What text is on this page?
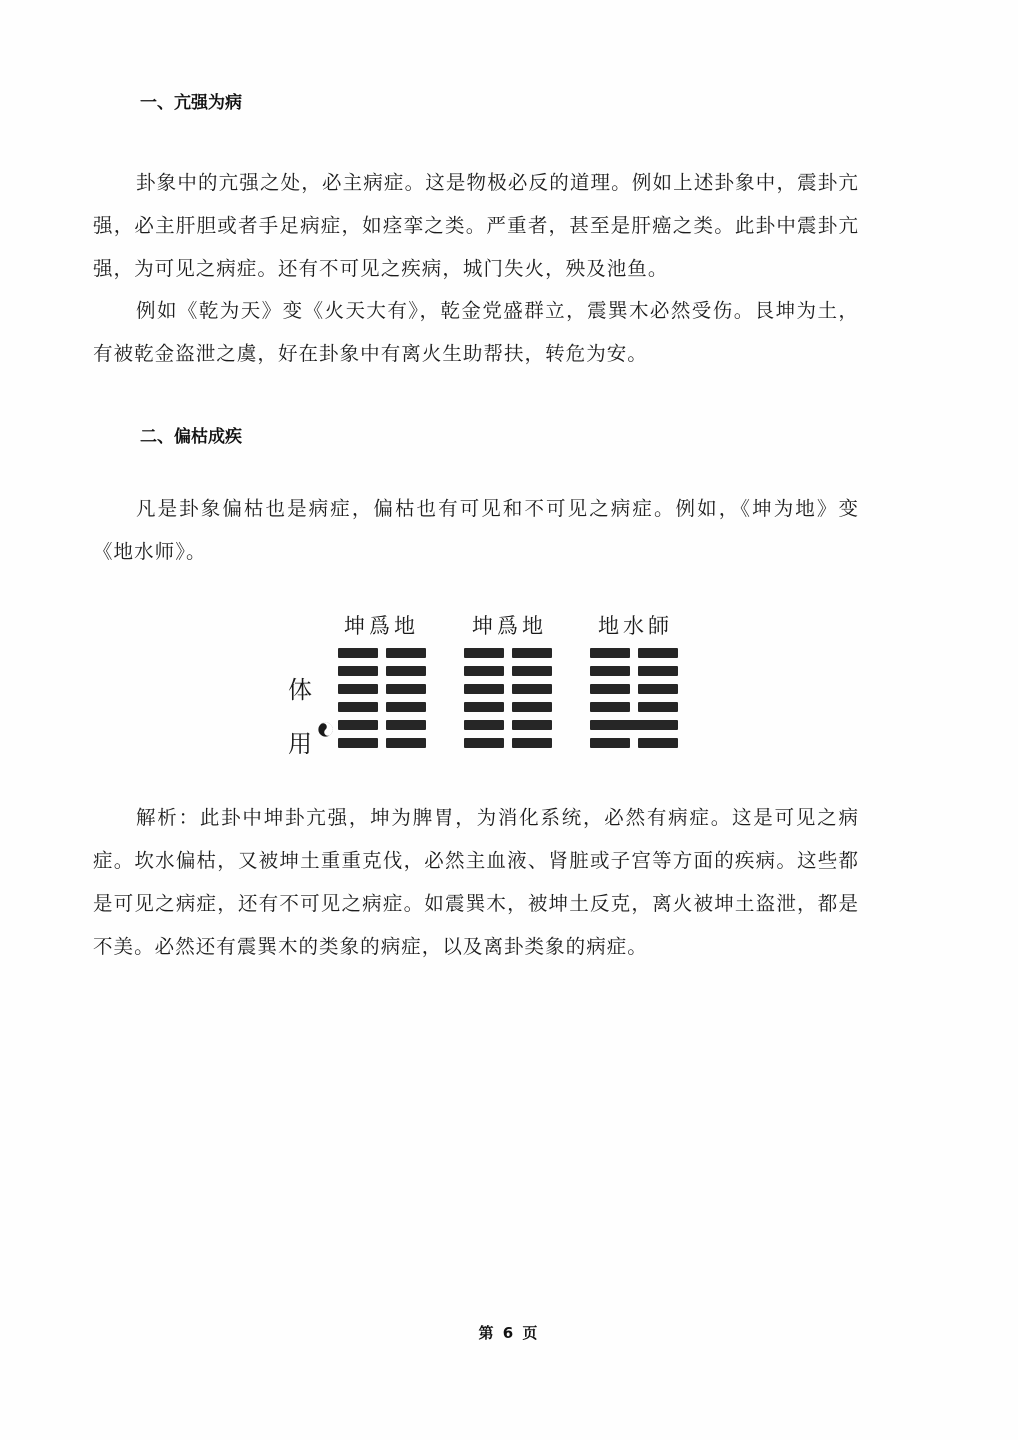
一、亢强为病

卦象中的亢强之处，必主病症。这是物极必反的道理。例如上述卦象中，震卦亢强，必主肝胆或者手足病症，如痉挛之类。严重者，甚至是肝癌之类。此卦中震卦亢强，为可见之病症。还有不可见之疾病，城门失火，殃及池鱼。

例如《乾为天》变《火天大有》，乾金党盛群立，震巽木必然受伤。艮坤为土，有被乾金盗泄之虞，好在卦象中有离火生助帮扶，转危为安。

二、偏枯成疾

凡是卦象偏枯也是病症，偏枯也有可见和不可见之病症。例如，《坤为地》变《地水师》。

体
用
坤爲地	坤爲地 地水師

解析：此卦中坤卦亢强，坤为脾胃，为消化系统，必然有病症。这是可见之病症。坎水偏枯，又被坤土重重克伐，必然主血液、肾脏或子宫等方面的疾病。这些都是可见之病症，还有不可见之病症。如震巽木，被坤土反克，离火被坤土盗泄，都是不美。必然还有震巽木的类象的病症，以及离卦类象的病症。

第 6 页
